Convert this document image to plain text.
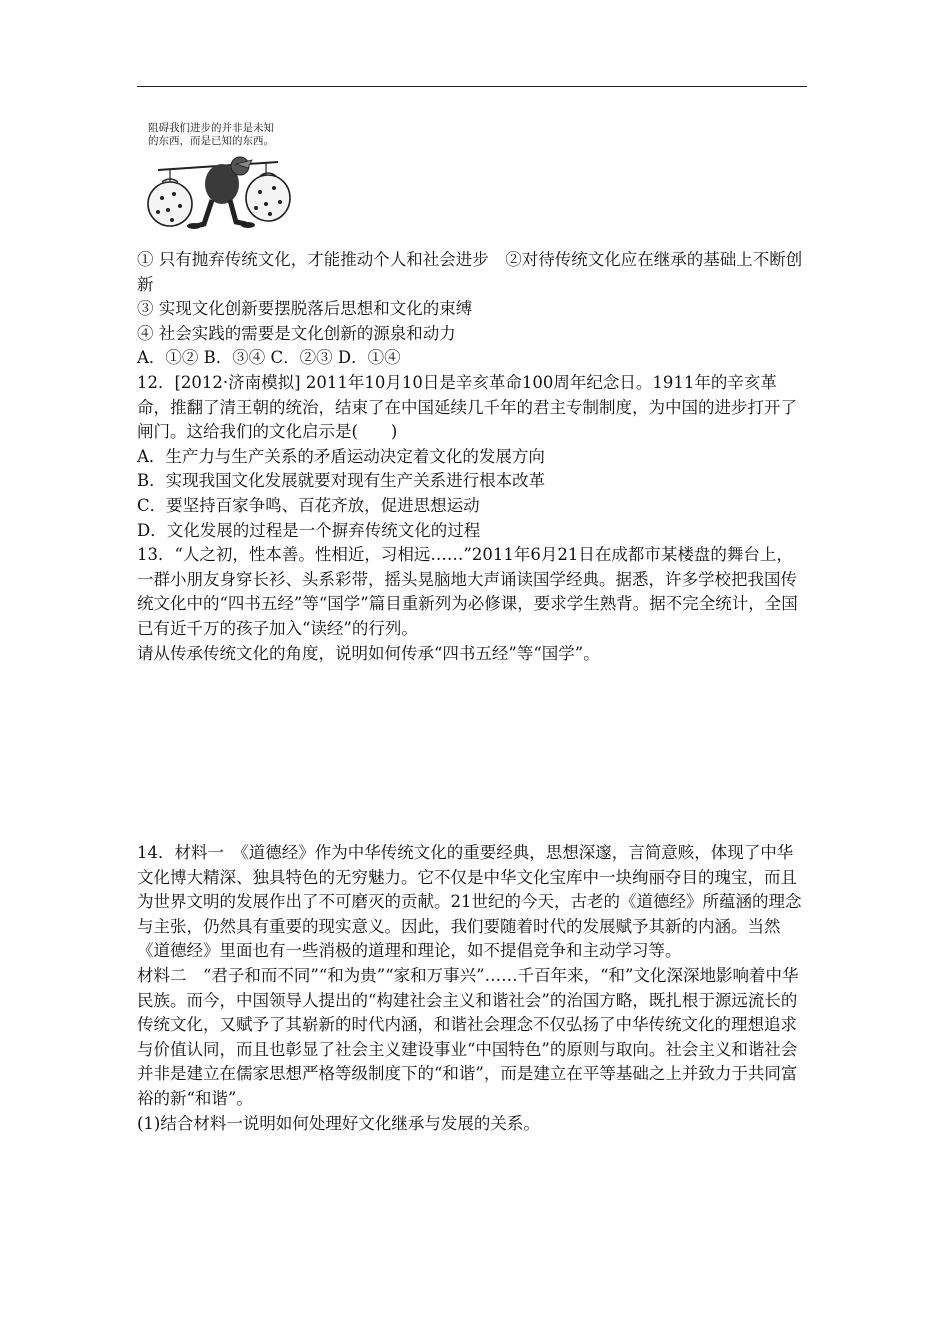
阻碍我们进步的并非是未知
的东西，而是已知的东西。

① 只有抛弃传统文化，才能推动个人和社会进步　②对待传统文化应在继承的基础上不断创新

③ 实现文化创新要摆脱落后思想和文化的束缚

④ 社会实践的需要是文化创新的源泉和动力

A．①② B．③④ C．②③ D．①④

12．[2012·济南模拟] 2011年10月10日是辛亥革命100周年纪念日。1911年的辛亥革命，推翻了清王朝的统治，结束了在中国延续几千年的君主专制制度，为中国的进步打开了闸门。这给我们的文化启示是(　　)

A．生产力与生产关系的矛盾运动决定着文化的发展方向

B．实现我国文化发展就要对现有生产关系进行根本改革

C．要坚持百家争鸣、百花齐放，促进思想运动

D．文化发展的过程是一个摒弃传统文化的过程

13．“人之初，性本善。性相近，习相远……”2011年6月21日在成都市某楼盘的舞台上，一群小朋友身穿长衫、头系彩带，摇头晃脑地大声诵读国学经典。据悉，许多学校把我国传统文化中的“四书五经”等“国学”篇目重新列为必修课，要求学生熟背。据不完全统计，全国已有近千万的孩子加入“读经”的行列。

请从传承传统文化的角度，说明如何传承“四书五经”等“国学”。

14．材料一　《道德经》作为中华传统文化的重要经典，思想深邃，言简意赅，体现了中华文化博大精深、独具特色的无穷魅力。它不仅是中华文化宝库中一块绚丽夺目的瑰宝，而且为世界文明的发展作出了不可磨灭的贡献。21世纪的今天，古老的《道德经》所蕴涵的理念与主张，仍然具有重要的现实意义。因此，我们要随着时代的发展赋予其新的内涵。当然《道德经》里面也有一些消极的道理和理论，如不提倡竞争和主动学习等。

材料二　“君子和而不同”“和为贵”“家和万事兴”……千百年来，“和”文化深深地影响着中华民族。而今，中国领导人提出的“构建社会主义和谐社会”的治国方略，既扎根于源远流长的传统文化，又赋予了其崭新的时代内涵，和谐社会理念不仅弘扬了中华传统文化的理想追求与价值认同，而且也彰显了社会主义建设事业“中国特色”的原则与取向。社会主义和谐社会并非是建立在儒家思想严格等级制度下的“和谐”，而是建立在平等基础之上并致力于共同富裕的新“和谐”。

(1)结合材料一说明如何处理好文化继承与发展的关系。
